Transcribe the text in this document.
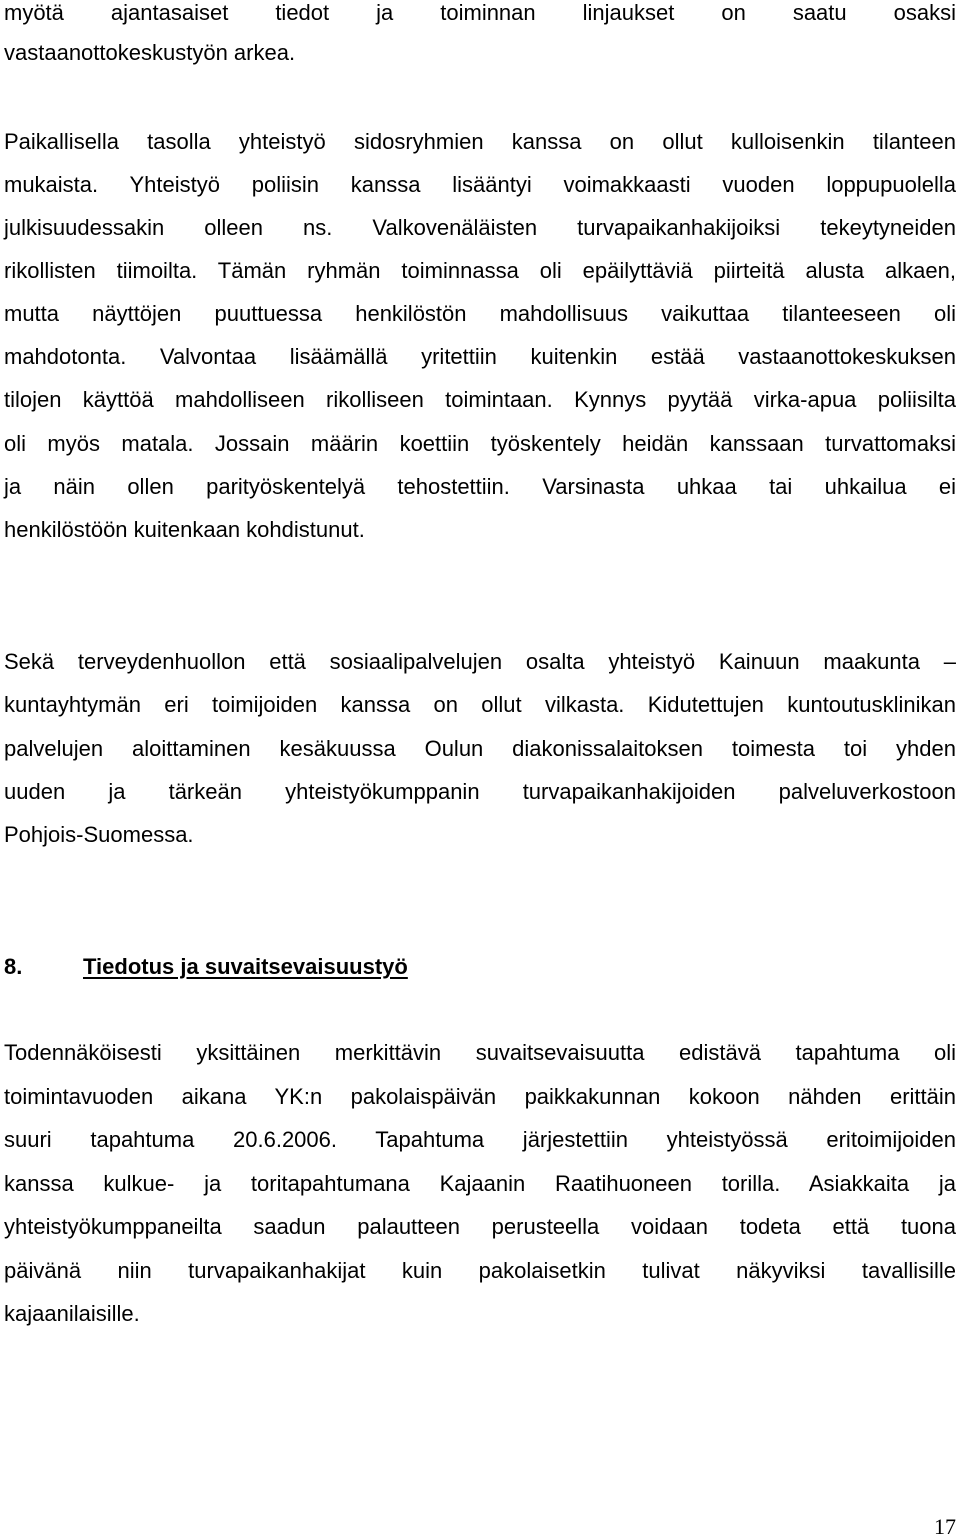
myötä ajantasaiset tiedot ja toiminnan linjaukset on saatu osaksi
vastaanottokeskustyön arkea.
Paikallisella tasolla yhteistyö sidosryhmien kanssa on ollut kulloisenkin tilanteen
mukaista. Yhteistyö poliisin kanssa lisääntyi voimakkaasti vuoden loppupuolella
julkisuudessakin olleen ns. Valkovenäläisten turvapaikanhakijoiksi tekeytyneiden
rikollisten tiimoilta. Tämän ryhmän toiminnassa oli epäilyttäviä piirteitä alusta alkaen,
mutta näyttöjen puuttuessa henkilöstön mahdollisuus vaikuttaa tilanteeseen oli
mahdotonta. Valvontaa lisäämällä yritettiin kuitenkin estää vastaanottokeskuksen
tilojen käyttöä mahdolliseen rikolliseen toimintaan. Kynnys pyytää virka-apua poliisilta
oli myös matala. Jossain määrin koettiin työskentely heidän kanssaan turvattomaksi
ja näin ollen parityöskentelyä tehostettiin. Varsinasta uhkaa tai uhkailua ei
henkilöstöön kuitenkaan kohdistunut.
Sekä terveydenhuollon että sosiaalipalvelujen osalta yhteistyö Kainuun maakunta –
kuntayhtymän eri toimijoiden kanssa on ollut vilkasta. Kidutettujen kuntoutusklinikan
palvelujen aloittaminen kesäkuussa Oulun diakonissalaitoksen toimesta toi yhden
uuden ja tärkeän yhteistyökumppanin turvapaikanhakijoiden palveluverkostoon
Pohjois-Suomessa.
8.	Tiedotus ja suvaitsevaisuustyö
Todennäköisesti yksittäinen merkittävin suvaitsevaisuutta edistävä tapahtuma oli
toimintavuoden aikana YK:n pakolaispäivän paikkakunnan kokoon nähden erittäin
suuri tapahtuma 20.6.2006. Tapahtuma järjestettiin yhteistyössä eritoimijoiden
kanssa kulkue- ja toritapahtumana Kajaanin Raatihuoneen torilla. Asiakkaita ja
yhteistyökumppaneilta saadun palautteen perusteella voidaan todeta että tuona
päivänä niin turvapaikanhakijat kuin pakolaisetkin tulivat näkyviksi tavallisille
kajaanilaisille.
17
